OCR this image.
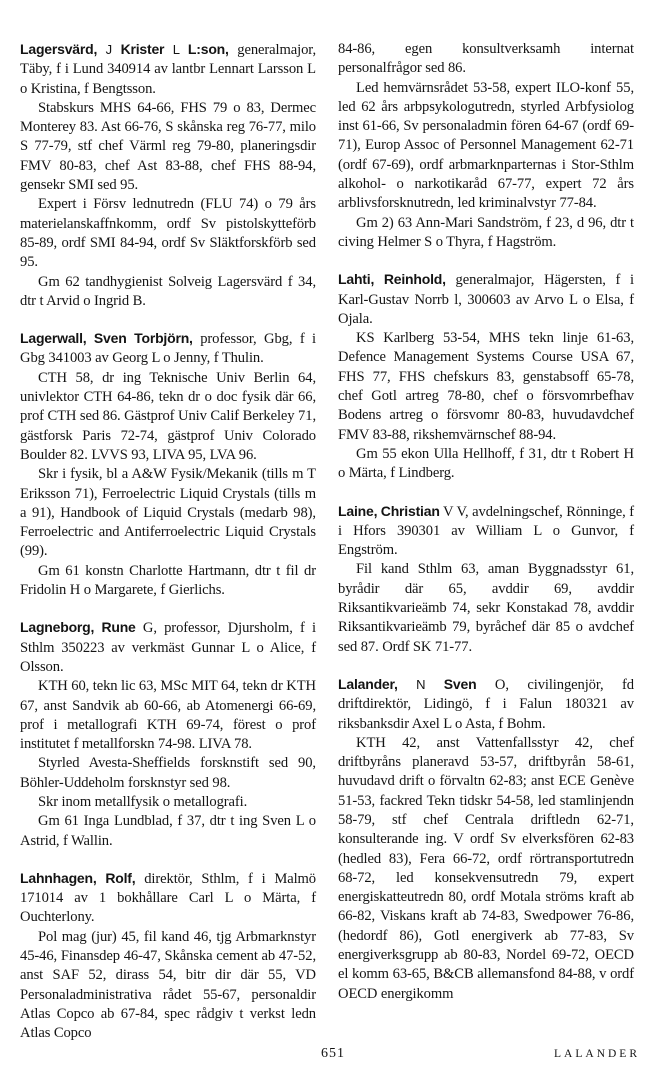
Lagersvärd, J Krister L L:son, generalmajor, Täby, f i Lund 340914 av lantbr Lennart Larsson L o Kristina, f Bengtsson.

Stabskurs MHS 64-66, FHS 79 o 83, Dermec Monterey 83. Ast 66-76, S skånska reg 76-77, milo S 77-79, stf chef Värml reg 79-80, planeringsdir FMV 80-83, chef Ast 83-88, chef FHS 88-94, gensekr SMI sed 95.

Expert i Försv lednutredn (FLU 74) o 79 års materielanskaffnkomm, ordf Sv pistolskytteförb 85-89, ordf SMI 84-94, ordf Sv Släktforskförb sed 95.

Gm 62 tandhygienist Solveig Lagersvärd f 34, dtr t Arvid o Ingrid B.

Lagerwall, Sven Torbjörn, professor, Gbg, f i Gbg 341003 av Georg L o Jenny, f Thulin.

CTH 58, dr ing Teknische Univ Berlin 64, univlektor CTH 64-86, tekn dr o doc fysik där 66, prof CTH sed 86. Gästprof Univ Calif Berkeley 71, gästforsk Paris 72-74, gästprof Univ Colorado Boulder 82. LVVS 93, LIVA 95, LVA 96.

Skr i fysik, bl a A&W Fysik/Mekanik (tills m T Eriksson 71), Ferroelectric Liquid Crystals (tills m a 91), Handbook of Liquid Crystals (medarb 98), Ferroelectric and Antiferroelectric Liquid Crystals (99).

Gm 61 konstn Charlotte Hartmann, dtr t fil dr Fridolin H o Margarete, f Gierlichs.

Lagneborg, Rune G, professor, Djursholm, f i Sthlm 350223 av verkmäst Gunnar L o Alice, f Olsson.

KTH 60, tekn lic 63, MSc MIT 64, tekn dr KTH 67, anst Sandvik ab 60-66, ab Atomenergi 66-69, prof i metallografi KTH 69-74, förest o prof institutet f metallforskn 74-98. LIVA 78.

Styrled Avesta-Sheffields forsknstift sed 90, Böhler-Uddeholm forsknstyr sed 98.

Skr inom metallfysik o metallografi.

Gm 61 Inga Lundblad, f 37, dtr t ing Sven L o Astrid, f Wallin.

Lahnhagen, Rolf, direktör, Sthlm, f i Malmö 171014 av 1 bokhållare Carl L o Märta, f Ouchterlony.

Pol mag (jur) 45, fil kand 46, tjg Arbmarknstyr 45-46, Finansdep 46-47, Skånska cement ab 47-52, anst SAF 52, dirass 54, bitr dir där 55, VD Personaladministrativa rådet 55-67, personaldir Atlas Copco ab 67-84, spec rådgiv t verkst ledn Atlas Copco

84-86, egen konsultverksamh internat personalfrågor sed 86.

Led hemvärnsrådet 53-58, expert ILO-konf 55, led 62 års arbpsykologutredn, styrled Arbfysiolog inst 61-66, Sv personaladmin fören 64-67 (ordf 69-71), Europ Assoc of Personnel Management 62-71 (ordf 67-69), ordf arbmarknparternas i Stor-Sthlm alkohol- o narkotikaråd 67-77, expert 72 års arblivsforsknutredn, led kriminalvstyr 77-84.

Gm 2) 63 Ann-Mari Sandström, f 23, d 96, dtr t civing Helmer S o Thyra, f Hagström.

Lahti, Reinhold, generalmajor, Hägersten, f i Karl-Gustav Norrb l, 300603 av Arvo L o Elsa, f Ojala.

KS Karlberg 53-54, MHS tekn linje 61-63, Defence Management Systems Course USA 67, FHS 77, FHS chefskurs 83, genstabsoff 65-78, chef Gotl artreg 78-80, chef o försvomrbefhav Bodens artreg o försvomr 80-83, huvudavdchef FMV 83-88, rikshemvärnschef 88-94.

Gm 55 ekon Ulla Hellhoff, f 31, dtr t Robert H o Märta, f Lindberg.

Laine, Christian V V, avdelningschef, Rönninge, f i Hfors 390301 av William L o Gunvor, f Engström.

Fil kand Sthlm 63, aman Byggnadsstyr 61, byrådir där 65, avddir 69, avddir Riksantikvarieämb 74, sekr Konstakad 78, avddir Riksantikvarieämb 79, byråchef där 85 o avdchef sed 87. Ordf SK 71-77.

Lalander, N Sven O, civilingenjör, fd driftdirektör, Lidingö, f i Falun 180321 av riksbanksdir Axel L o Asta, f Bohm.

KTH 42, anst Vattenfallsstyr 42, chef driftbyråns planeravd 53-57, driftbyrån 58-61, huvudavd drift o förvaltn 62-83; anst ECE Genève 51-53, fackred Tekn tidskr 54-58, led stamlinjendn 58-79, stf chef Centrala driftledn 62-71, konsulterande ing. V ordf Sv elverksfören 62-83 (hedled 83), Fera 66-72, ordf rörtransportutredn 68-72, led konsekvensutredn 79, expert energiskatteutredn 80, ordf Motala ströms kraft ab 66-82, Viskans kraft ab 74-83, Swedpower 76-86, (hedordf 86), Gotl energiverk ab 77-83, Sv energiverksgrupp ab 80-83, Nordel 69-72, OECD el komm 63-65, B&CB allemansfond 84-88, v ordf OECD energikomm

651	LALANDER
